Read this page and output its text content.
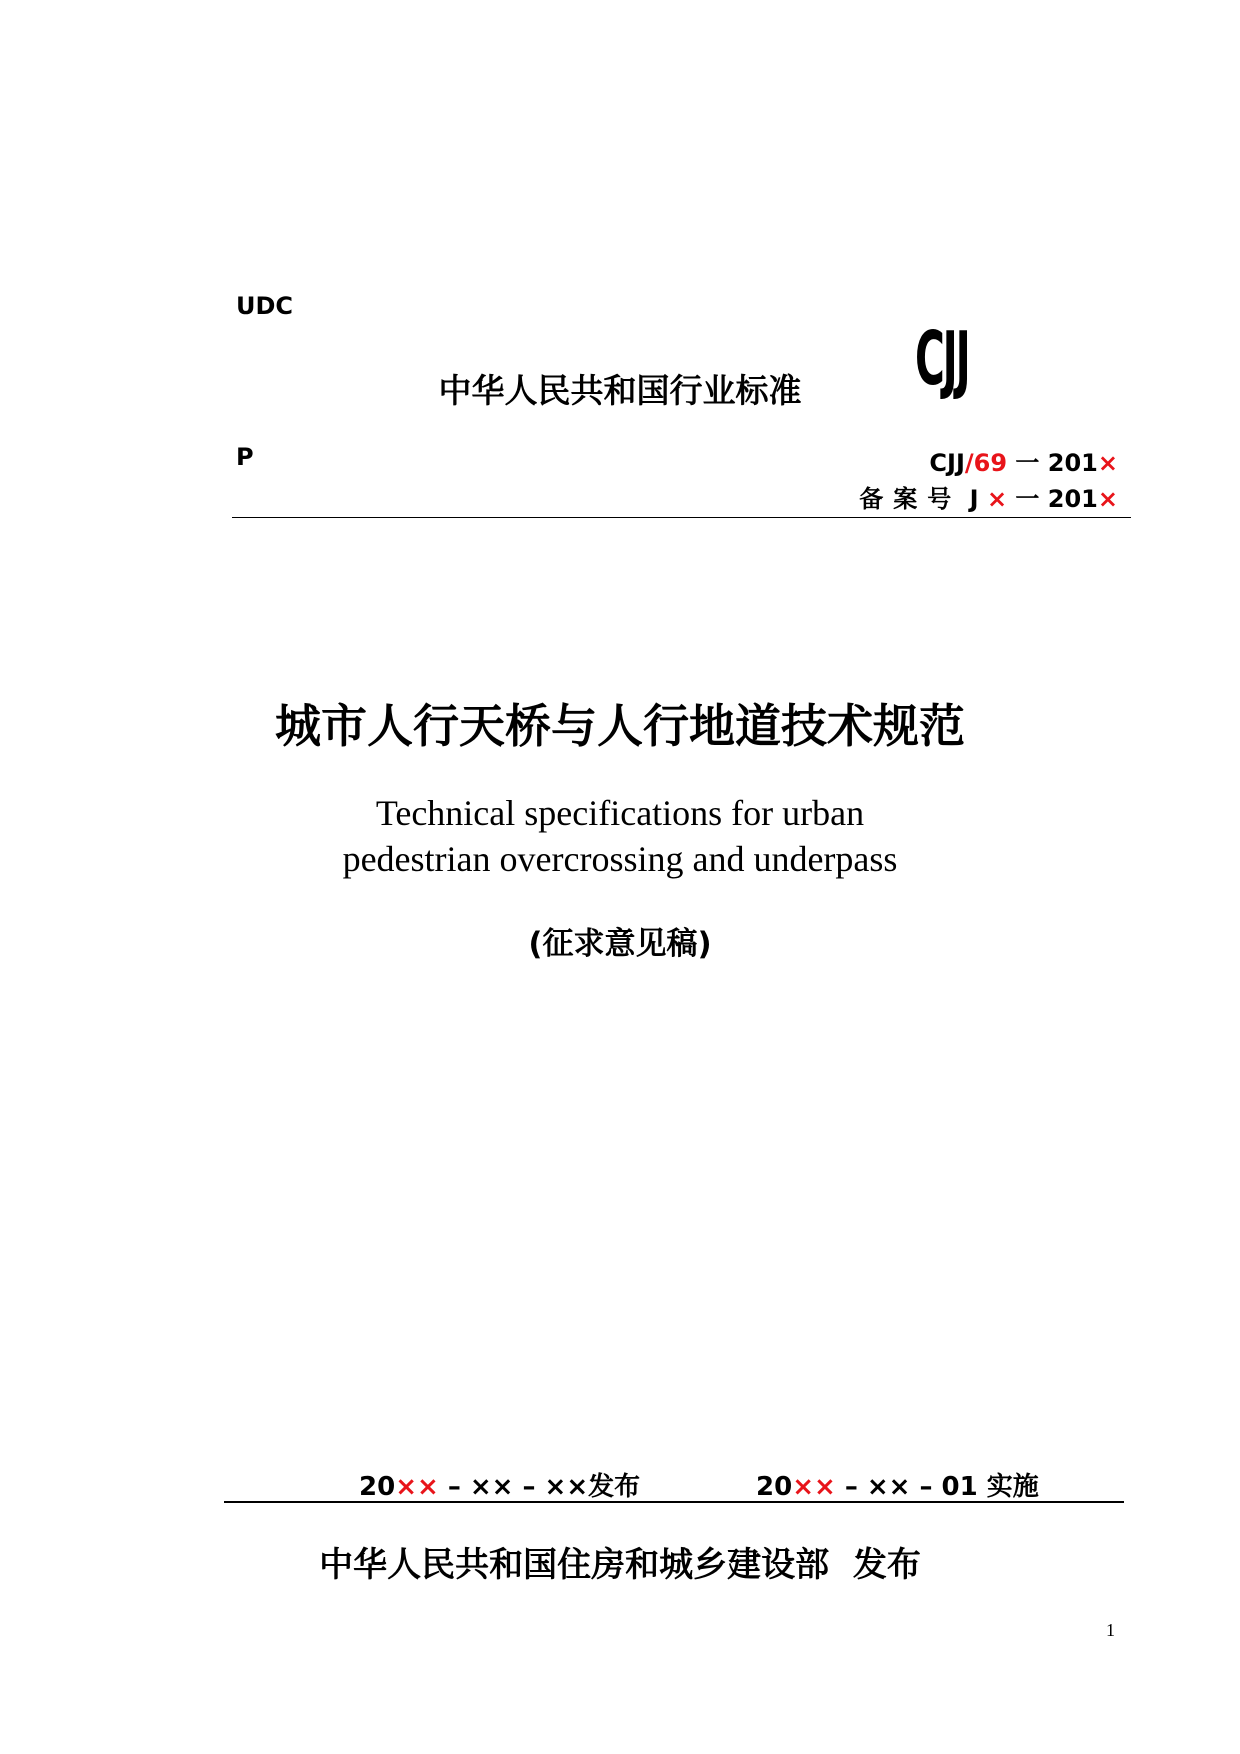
UDC
中华人民共和国行业标准	CJJ
P	CJJ/69 一 201×
备案号 J × 一 201×
城市人行天桥与人行地道技术规范
Technical specifications for urban
pedestrian overcrossing and underpass
(征求意见稿)
20×× – ×× – ××发布	20×× – ×× – 01 实施
中华人民共和国住房和城乡建设部  发布
1
